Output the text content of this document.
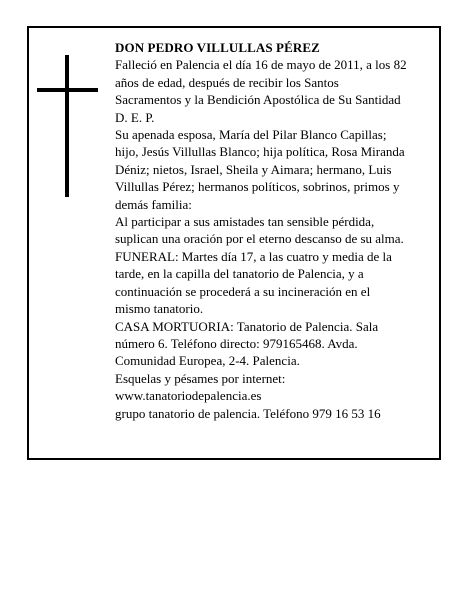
DON PEDRO VILLULLAS PÉREZ

Falleció en Palencia el día 16 de mayo de 2011, a los 82

años de edad, después de recibir los Santos

Sacramentos y la Bendición Apostólica de Su Santidad

D. E. P.

Su apenada esposa, María del Pilar Blanco Capillas;

hijo, Jesús Villullas Blanco; hija política, Rosa Miranda

Déniz; nietos, Israel, Sheila y Aimara; hermano, Luis

Villullas Pérez; hermanos políticos, sobrinos, primos y

demás familia:

Al participar a sus amistades tan sensible pérdida,

suplican una oración por el eterno descanso de su alma.

FUNERAL: Martes día 17, a las cuatro y media de la

tarde, en la capilla del tanatorio de Palencia, y a

continuación se procederá a su incineración en el

mismo tanatorio.

CASA MORTUORIA: Tanatorio de Palencia. Sala

número 6. Teléfono directo: 979165468. Avda.

Comunidad Europea, 2-4. Palencia.

Esquelas y pésames por internet:

www.tanatoriodepalencia.es

grupo tanatorio de palencia. Teléfono 979 16 53 16
